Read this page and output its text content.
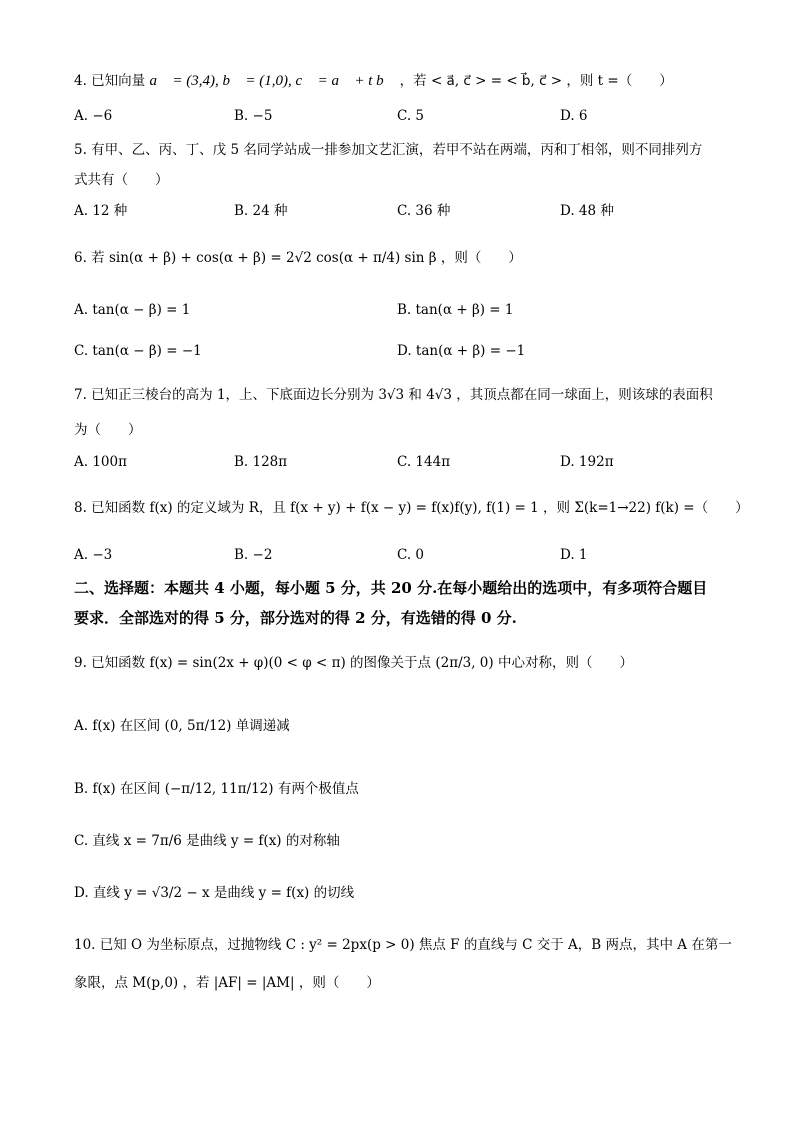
4. 已知向量 a⃗ = (3,4), b⃗ = (1,0), c⃗ = a⃗ + t b⃗ ，若 < a⃗, c⃗ > = < b⃗, c⃗ > ，则 t =（　　）
A. −6	B. −5	C. 5	D. 6
5. 有甲、乙、丙、丁、戊 5 名同学站成一排参加文艺汇演，若甲不站在两端，丙和丁相邻，则不同排列方
式共有（　　）
A. 12 种	B. 24 种	C. 36 种	D. 48 种
6. 若 sin(α + β) + cos(α + β) = 2√2 cos(α + π/4) sin β ，则（　　）
A. tan(α − β) = 1	B. tan(α + β) = 1
C. tan(α − β) = −1	D. tan(α + β) = −1
7. 已知正三棱台的高为 1，上、下底面边长分别为 3√3 和 4√3 ，其顶点都在同一球面上，则该球的表面积
为（　　）
A. 100π	B. 128π	C. 144π	D. 192π
8. 已知函数 f(x) 的定义域为 R，且 f(x + y) + f(x − y) = f(x)f(y), f(1) = 1 ，则 Σ(k=1→22) f(k) =（　　）
A. −3	B. −2	C. 0	D. 1
二、选择题：本题共 4 小题，每小题 5 分，共 20 分.在每小题给出的选项中，有多项符合题目
要求．全部选对的得 5 分，部分选对的得 2 分，有选错的得 0 分.
9. 已知函数 f(x) = sin(2x + φ)(0 < φ < π) 的图像关于点 (2π/3, 0) 中心对称，则（　　）
A. f(x) 在区间 (0, 5π/12) 单调递减
B. f(x) 在区间 (−π/12, 11π/12) 有两个极值点
C. 直线 x = 7π/6 是曲线 y = f(x) 的对称轴
D. 直线 y = √3/2 − x 是曲线 y = f(x) 的切线
10. 已知 O 为坐标原点，过抛物线 C : y² = 2px(p > 0) 焦点 F 的直线与 C 交于 A，B 两点，其中 A 在第一
象限，点 M(p,0) ，若 |AF| = |AM| ，则（　　）
